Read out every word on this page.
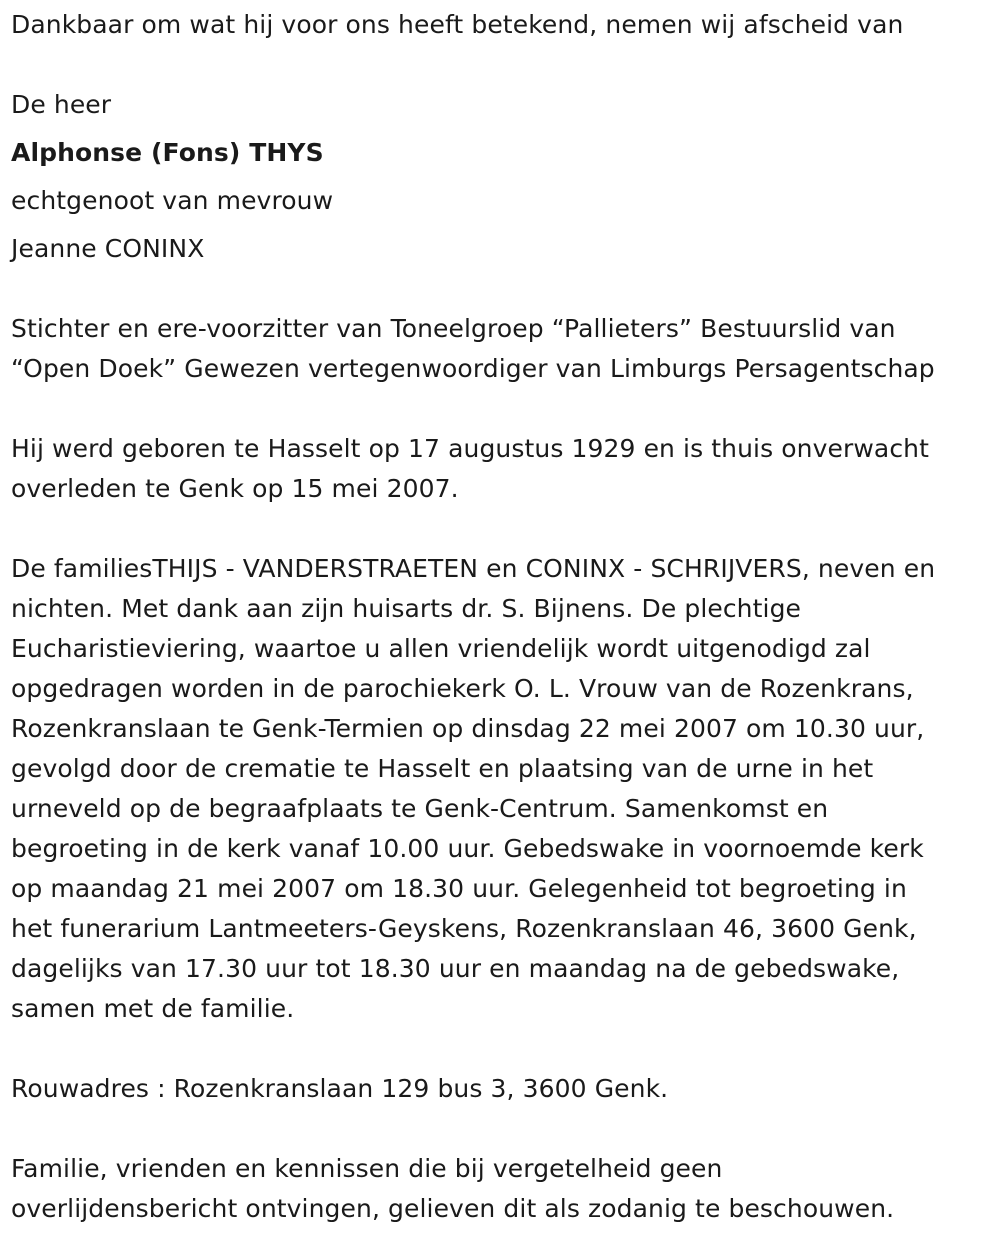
Dankbaar om wat hij voor ons heeft betekend, nemen wij afscheid van
De heer
Alphonse (Fons) THYS
echtgenoot van mevrouw
Jeanne CONINX
Stichter en ere-voorzitter van Toneelgroep “Pallieters” Bestuurslid van
“Open Doek” Gewezen vertegenwoordiger van Limburgs Persagentschap
Hij werd geboren te Hasselt op 17 augustus 1929 en is thuis onverwacht
overleden te Genk op 15 mei 2007.
De familiesTHIJS - VANDERSTRAETEN en CONINX - SCHRIJVERS, neven en
nichten. Met dank aan zijn huisarts dr. S. Bijnens. De plechtige
Eucharistieviering, waartoe u allen vriendelijk wordt uitgenodigd zal
opgedragen worden in de parochiekerk O. L. Vrouw van de Rozenkrans,
Rozenkranslaan te Genk-Termien op dinsdag 22 mei 2007 om 10.30 uur,
gevolgd door de crematie te Hasselt en plaatsing van de urne in het
urneveld op de begraafplaats te Genk-Centrum. Samenkomst en
begroeting in de kerk vanaf 10.00 uur. Gebedswake in voornoemde kerk
op maandag 21 mei 2007 om 18.30 uur. Gelegenheid tot begroeting in
het funerarium Lantmeeters-Geyskens, Rozenkranslaan 46, 3600 Genk,
dagelijks van 17.30 uur tot 18.30 uur en maandag na de gebedswake,
samen met de familie.
Rouwadres : Rozenkranslaan 129 bus 3, 3600 Genk.
Familie, vrienden en kennissen die bij vergetelheid geen
overlijdensbericht ontvingen, gelieven dit als zodanig te beschouwen.
